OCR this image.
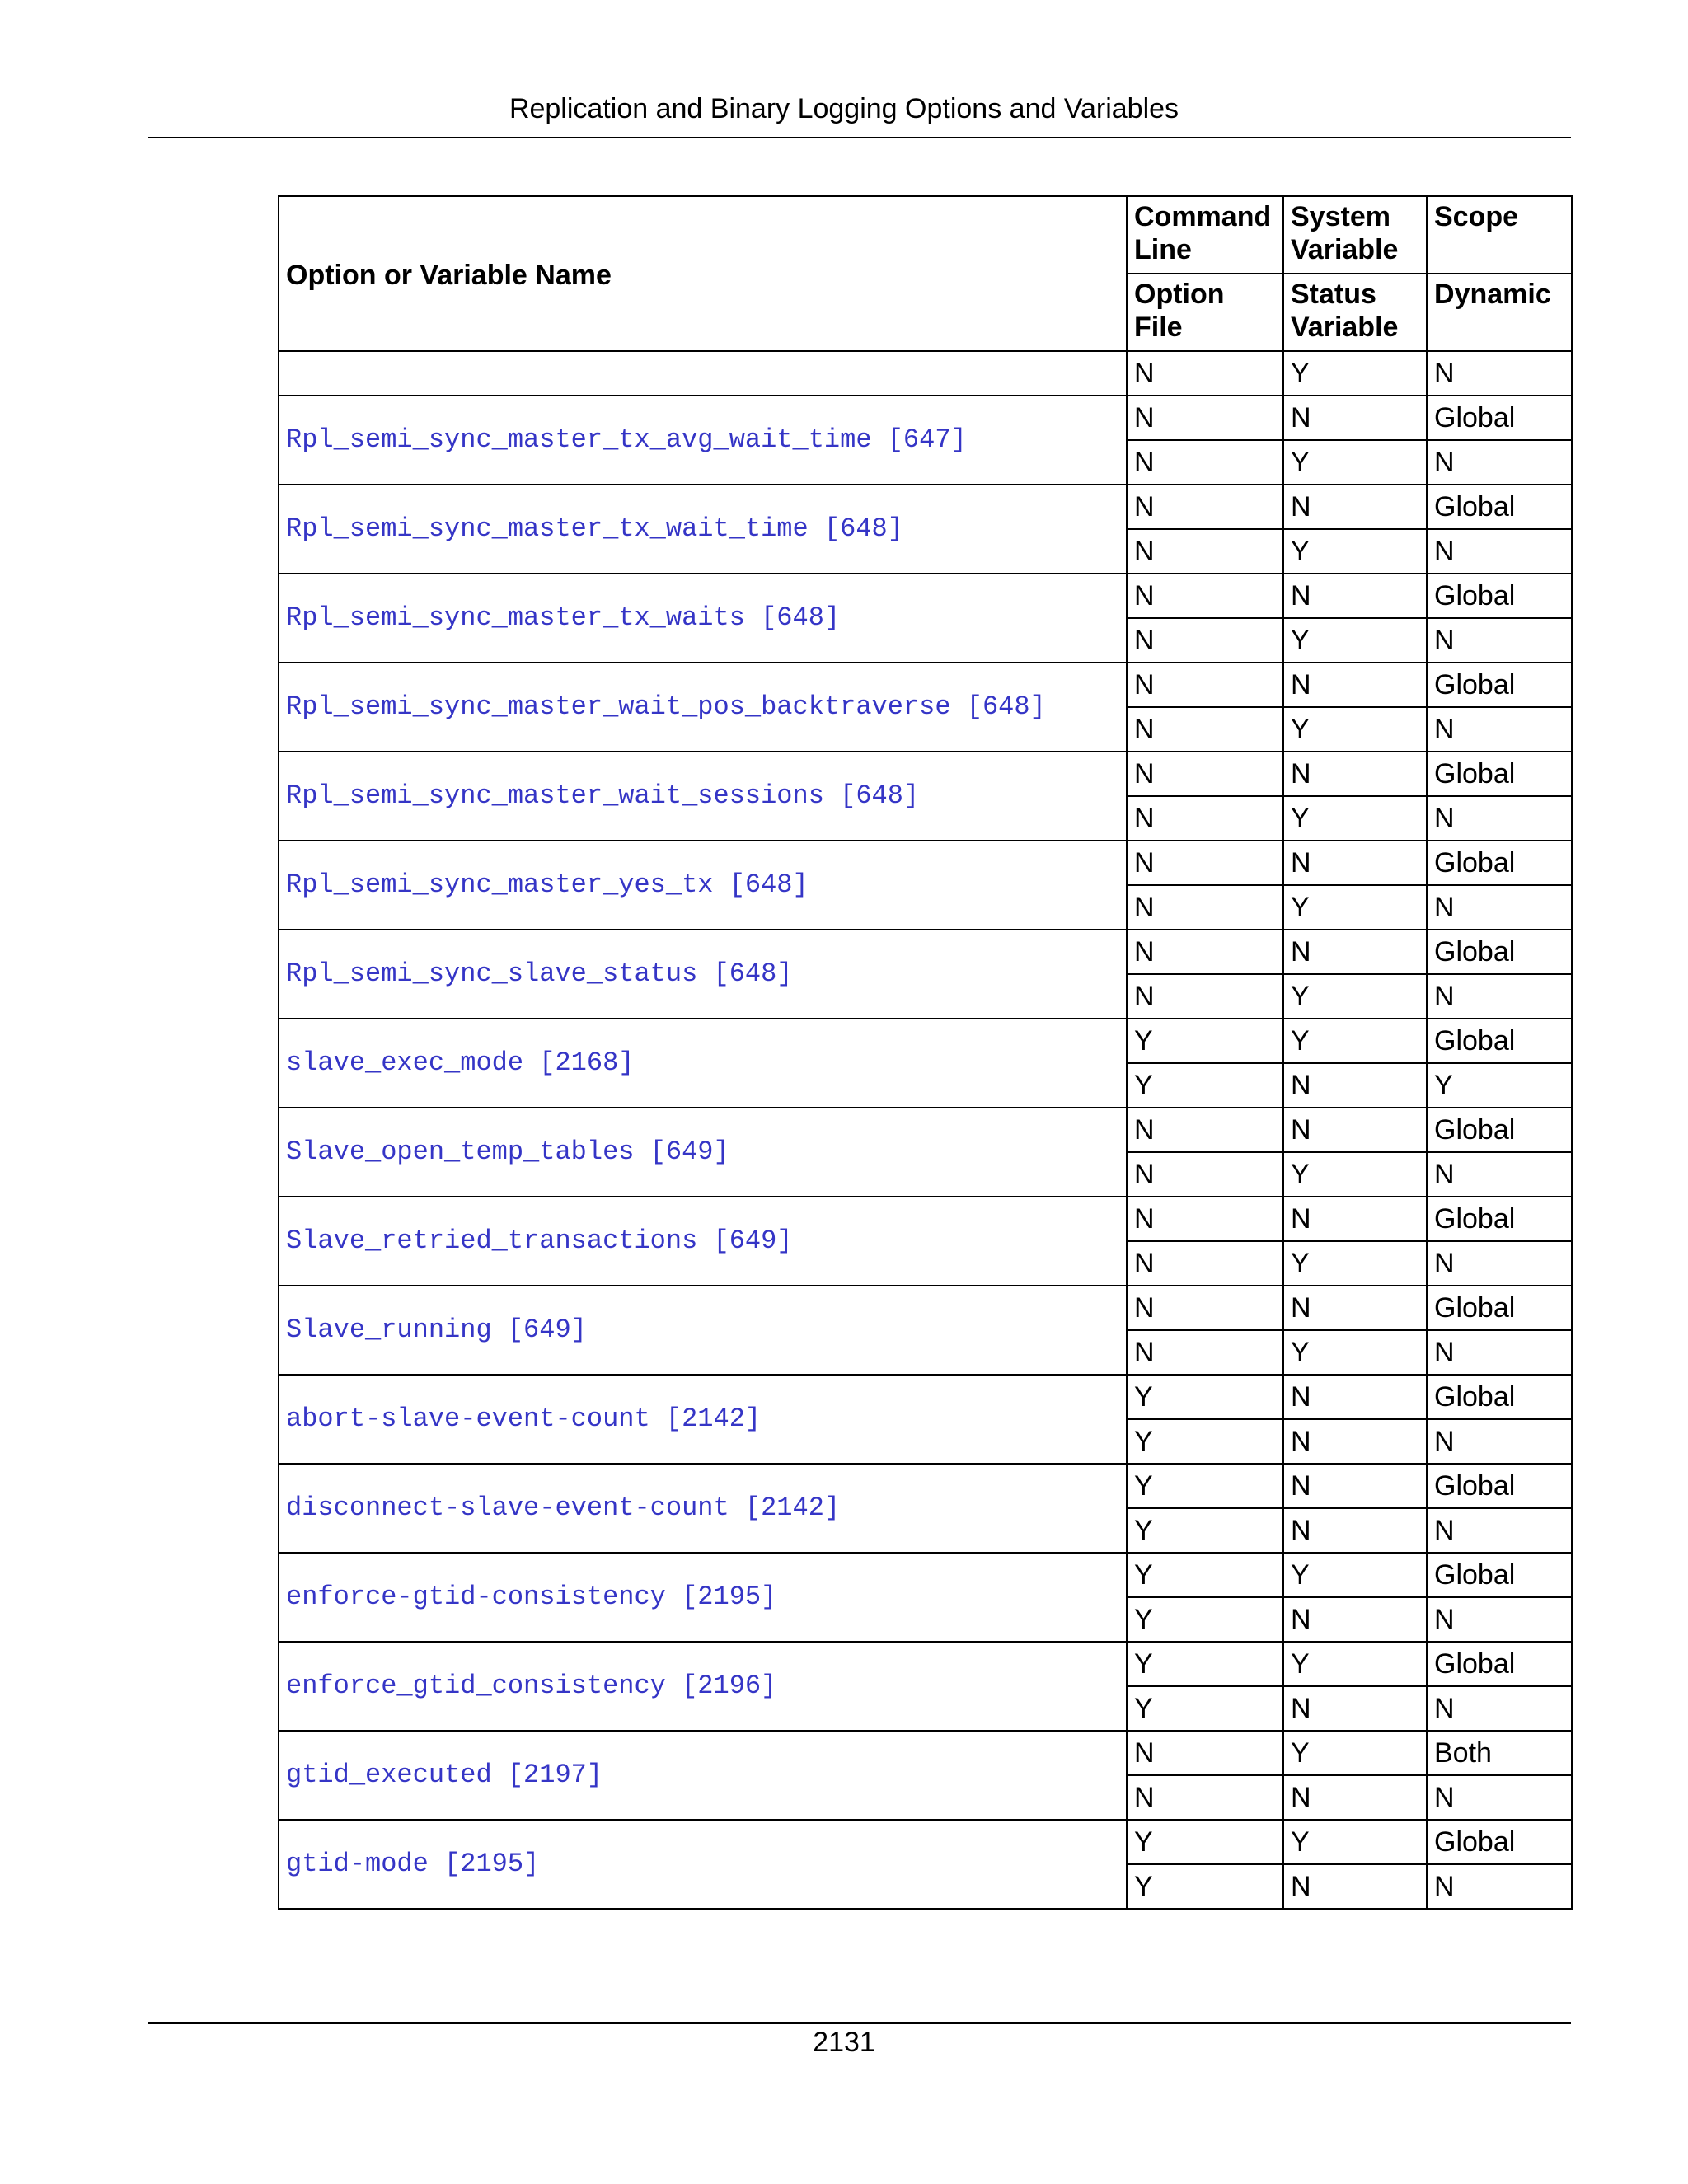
Replication and Binary Logging Options and Variables
Option or Variable Name	Command Line	System Variable	Scope
	Option File	Status Variable	Dynamic
	N	Y	N
Rpl_semi_sync_master_tx_avg_wait_time [647]	N	N	Global
	N	Y	N
Rpl_semi_sync_master_tx_wait_time [648]	N	N	Global
	N	Y	N
Rpl_semi_sync_master_tx_waits [648]	N	N	Global
	N	Y	N
Rpl_semi_sync_master_wait_pos_backtraverse [648]	N	N	Global
	N	Y	N
Rpl_semi_sync_master_wait_sessions [648]	N	N	Global
	N	Y	N
Rpl_semi_sync_master_yes_tx [648]	N	N	Global
	N	Y	N
Rpl_semi_sync_slave_status [648]	N	N	Global
	N	Y	N
slave_exec_mode [2168]	Y	Y	Global
	Y	N	Y
Slave_open_temp_tables [649]	N	N	Global
	N	Y	N
Slave_retried_transactions [649]	N	N	Global
	N	Y	N
Slave_running [649]	N	N	Global
	N	Y	N
abort-slave-event-count [2142]	Y	N	Global
	Y	N	N
disconnect-slave-event-count [2142]	Y	N	Global
	Y	N	N
enforce-gtid-consistency [2195]	Y	Y	Global
	Y	N	N
enforce_gtid_consistency [2196]	Y	Y	Global
	Y	N	N
gtid_executed [2197]	N	Y	Both
	N	N	N
gtid-mode [2195]	Y	Y	Global
	Y	N	N
2131
